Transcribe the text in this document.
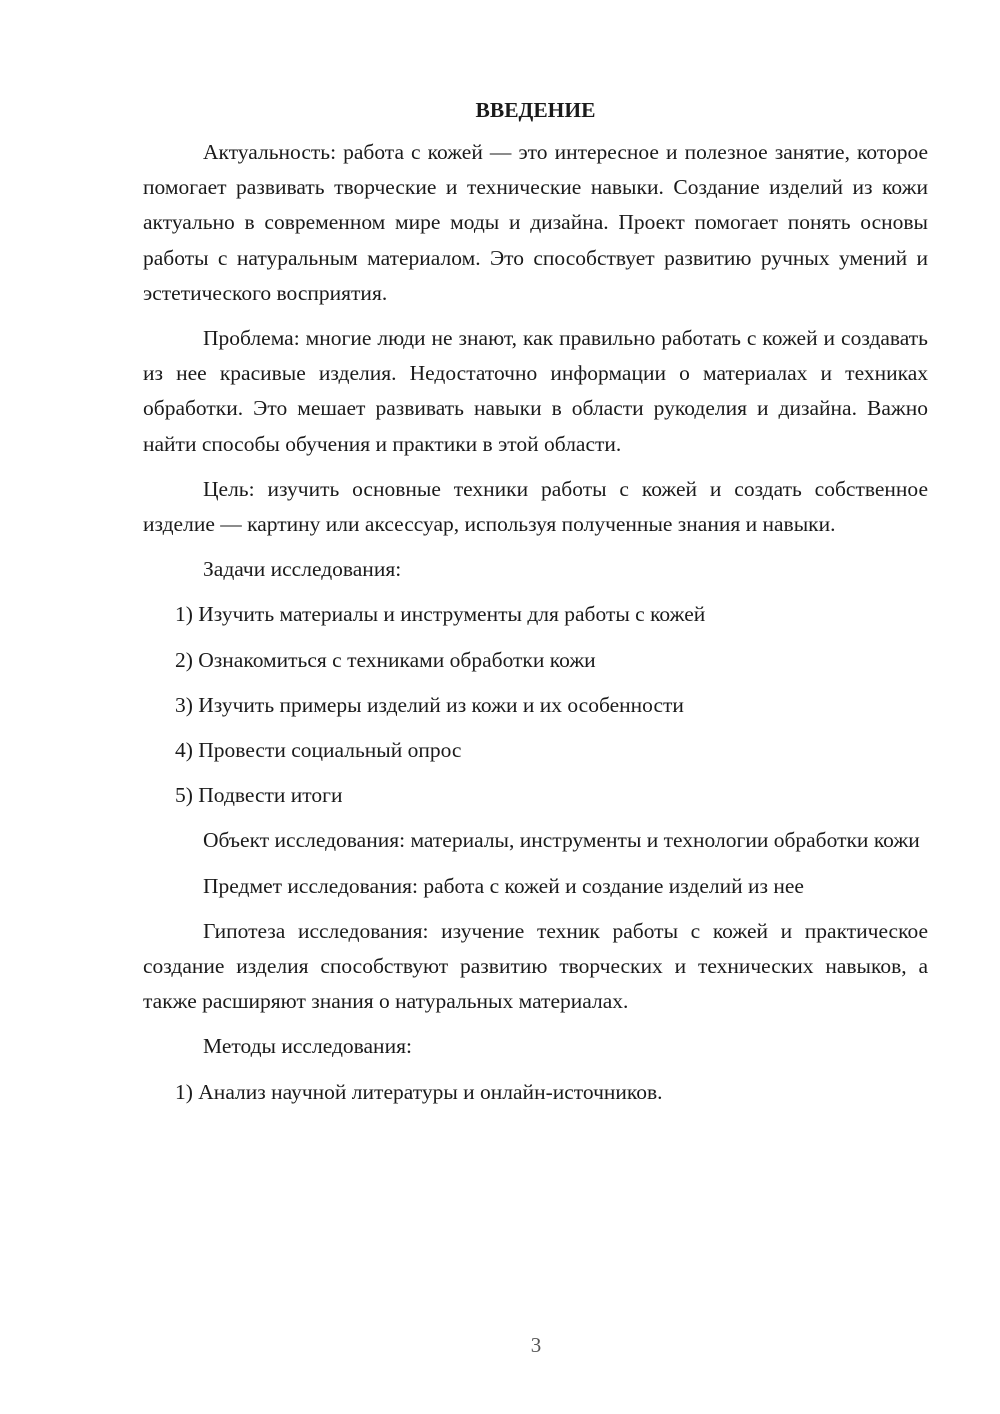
ВВЕДЕНИЕ

Актуальность: работа с кожей — это интересное и полезное занятие, которое помогает развивать творческие и технические навыки. Создание изделий из кожи актуально в современном мире моды и дизайна. Проект помогает понять основы работы с натуральным материалом. Это способствует развитию ручных умений и эстетического восприятия.

Проблема: многие люди не знают, как правильно работать с кожей и создавать из нее красивые изделия. Недостаточно информации о материалах и техниках обработки. Это мешает развивать навыки в области рукоделия и дизайна. Важно найти способы обучения и практики в этой области.

Цель: изучить основные техники работы с кожей и создать собственное изделие — картину или аксессуар, используя полученные знания и навыки.

Задачи исследования:

1) Изучить материалы и инструменты для работы с кожей
2) Ознакомиться с техниками обработки кожи
3) Изучить примеры изделий из кожи и их особенности
4) Провести социальный опрос
5) Подвести итоги

Объект исследования: материалы, инструменты и технологии обработки кожи

Предмет исследования: работа с кожей и создание изделий из нее

Гипотеза исследования: изучение техник работы с кожей и практическое создание изделия способствуют развитию творческих и технических навыков, а также расширяют знания о натуральных материалах.

Методы исследования:

1) Анализ научной литературы и онлайн-источников.
3
